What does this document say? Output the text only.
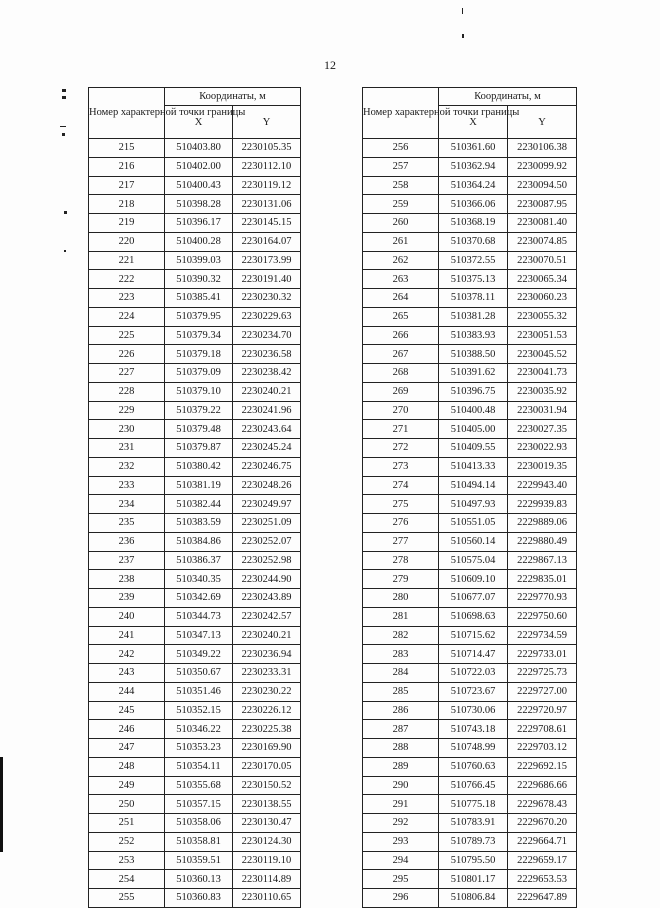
12
Номер характерной точки границы	Координаты, м	
	X	Y
215	510403.80	2230105.35
216	510402.00	2230112.10
217	510400.43	2230119.12
218	510398.28	2230131.06
219	510396.17	2230145.15
220	510400.28	2230164.07
221	510399.03	2230173.99
222	510390.32	2230191.40
223	510385.41	2230230.32
224	510379.95	2230229.63
225	510379.34	2230234.70
226	510379.18	2230236.58
227	510379.09	2230238.42
228	510379.10	2230240.21
229	510379.22	2230241.96
230	510379.48	2230243.64
231	510379.87	2230245.24
232	510380.42	2230246.75
233	510381.19	2230248.26
234	510382.44	2230249.97
235	510383.59	2230251.09
236	510384.86	2230252.07
237	510386.37	2230252.98
238	510340.35	2230244.90
239	510342.69	2230243.89
240	510344.73	2230242.57
241	510347.13	2230240.21
242	510349.22	2230236.94
243	510350.67	2230233.31
244	510351.46	2230230.22
245	510352.15	2230226.12
246	510346.22	2230225.38
247	510353.23	2230169.90
248	510354.11	2230170.05
249	510355.68	2230150.52
250	510357.15	2230138.55
251	510358.06	2230130.47
252	510358.81	2230124.30
253	510359.51	2230119.10
254	510360.13	2230114.89
255	510360.83	2230110.65
Номер характерной точки границы	Координаты, м	
	X	Y
256	510361.60	2230106.38
257	510362.94	2230099.92
258	510364.24	2230094.50
259	510366.06	2230087.95
260	510368.19	2230081.40
261	510370.68	2230074.85
262	510372.55	2230070.51
263	510375.13	2230065.34
264	510378.11	2230060.23
265	510381.28	2230055.32
266	510383.93	2230051.53
267	510388.50	2230045.52
268	510391.62	2230041.73
269	510396.75	2230035.92
270	510400.48	2230031.94
271	510405.00	2230027.35
272	510409.55	2230022.93
273	510413.33	2230019.35
274	510494.14	2229943.40
275	510497.93	2229939.83
276	510551.05	2229889.06
277	510560.14	2229880.49
278	510575.04	2229867.13
279	510609.10	2229835.01
280	510677.07	2229770.93
281	510698.63	2229750.60
282	510715.62	2229734.59
283	510714.47	2229733.01
284	510722.03	2229725.73
285	510723.67	2229727.00
286	510730.06	2229720.97
287	510743.18	2229708.61
288	510748.99	2229703.12
289	510760.63	2229692.15
290	510766.45	2229686.66
291	510775.18	2229678.43
292	510783.91	2229670.20
293	510789.73	2229664.71
294	510795.50	2229659.17
295	510801.17	2229653.53
296	510806.84	2229647.89
